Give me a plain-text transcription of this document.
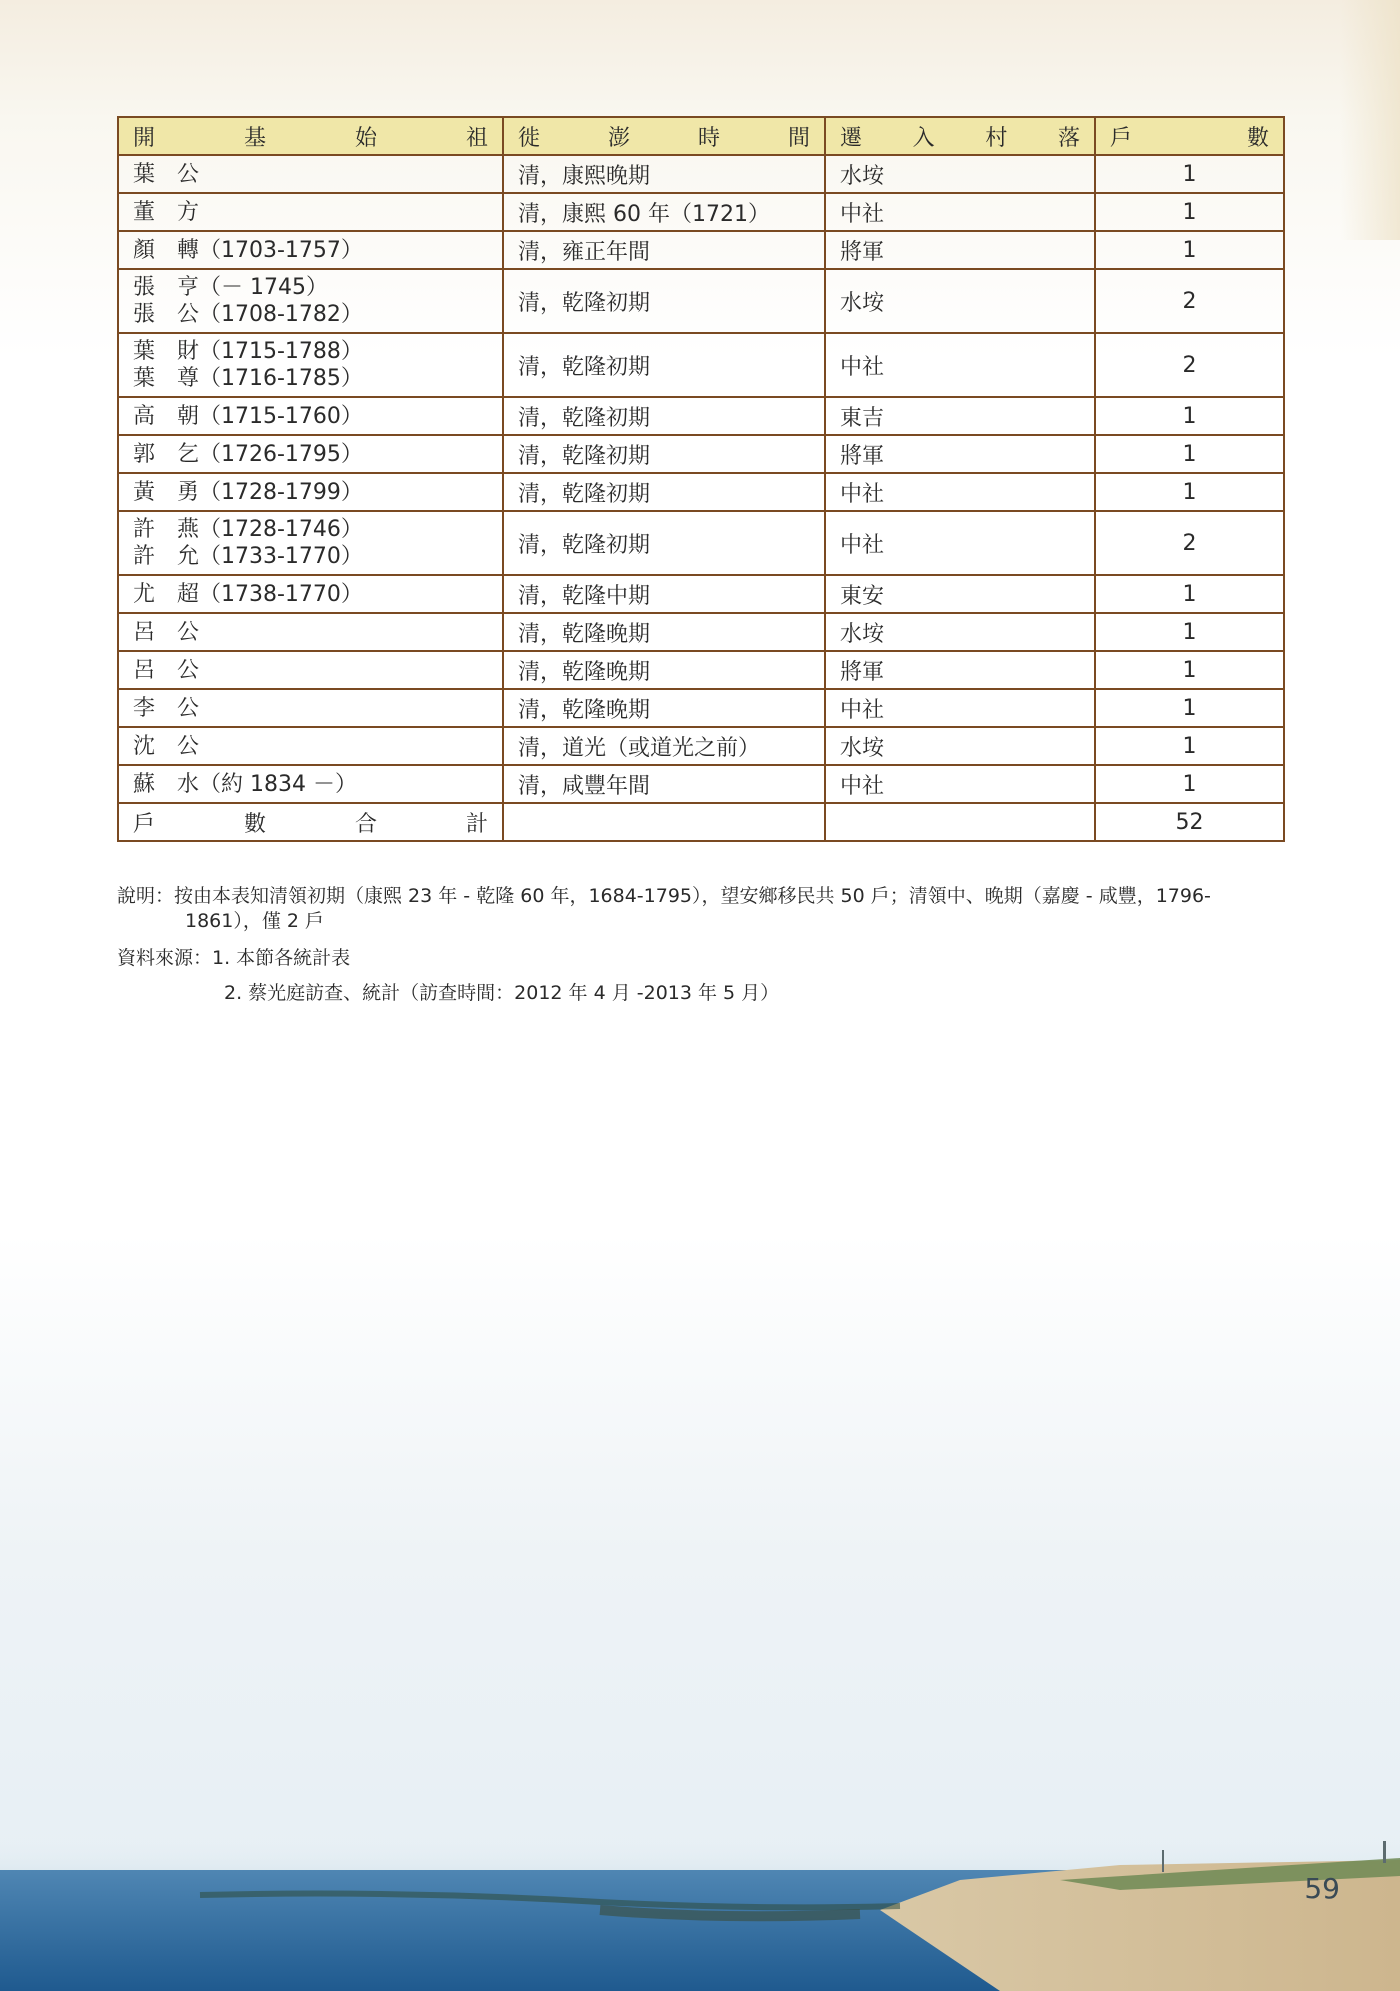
開 基 始 祖	徙 澎 時 間	遷 入 村 落	戶 數

葉　公	清，康熙晚期	水垵	1

董　方	清，康熙 60 年（1721）	中社	1

顏　轉（1703-1757）	清，雍正年間	將軍	1

張　亨（－ 1745）
張　公（1708-1782）	清，乾隆初期	水垵	2

葉　財（1715-1788）
葉　尊（1716-1785）	清，乾隆初期	中社	2

高　朝（1715-1760）	清，乾隆初期	東吉	1

郭　乞（1726-1795）	清，乾隆初期	將軍	1

黃　勇（1728-1799）	清，乾隆初期	中社	1

許　燕（1728-1746）
許　允（1733-1770）	清，乾隆初期	中社	2

尤　超（1738-1770）	清，乾隆中期	東安	1

呂　公	清，乾隆晚期	水垵	1

呂　公	清，乾隆晚期	將軍	1

李　公	清，乾隆晚期	中社	1

沈　公	清，道光（或道光之前）	水垵	1

蘇　水（約 1834 －）	清，咸豐年間	中社	1

戶 數 合 計			52

說明：按由本表知清領初期（康熙 23 年 - 乾隆 60 年，1684-1795），望安鄉移民共 50 戶；清領中、晚期（嘉慶 - 咸豐，1796-1861），僅 2 戶

資料來源：1. 本節各統計表

2. 蔡光庭訪查、統計（訪查時間：2012 年 4 月 -2013 年 5 月）

59
